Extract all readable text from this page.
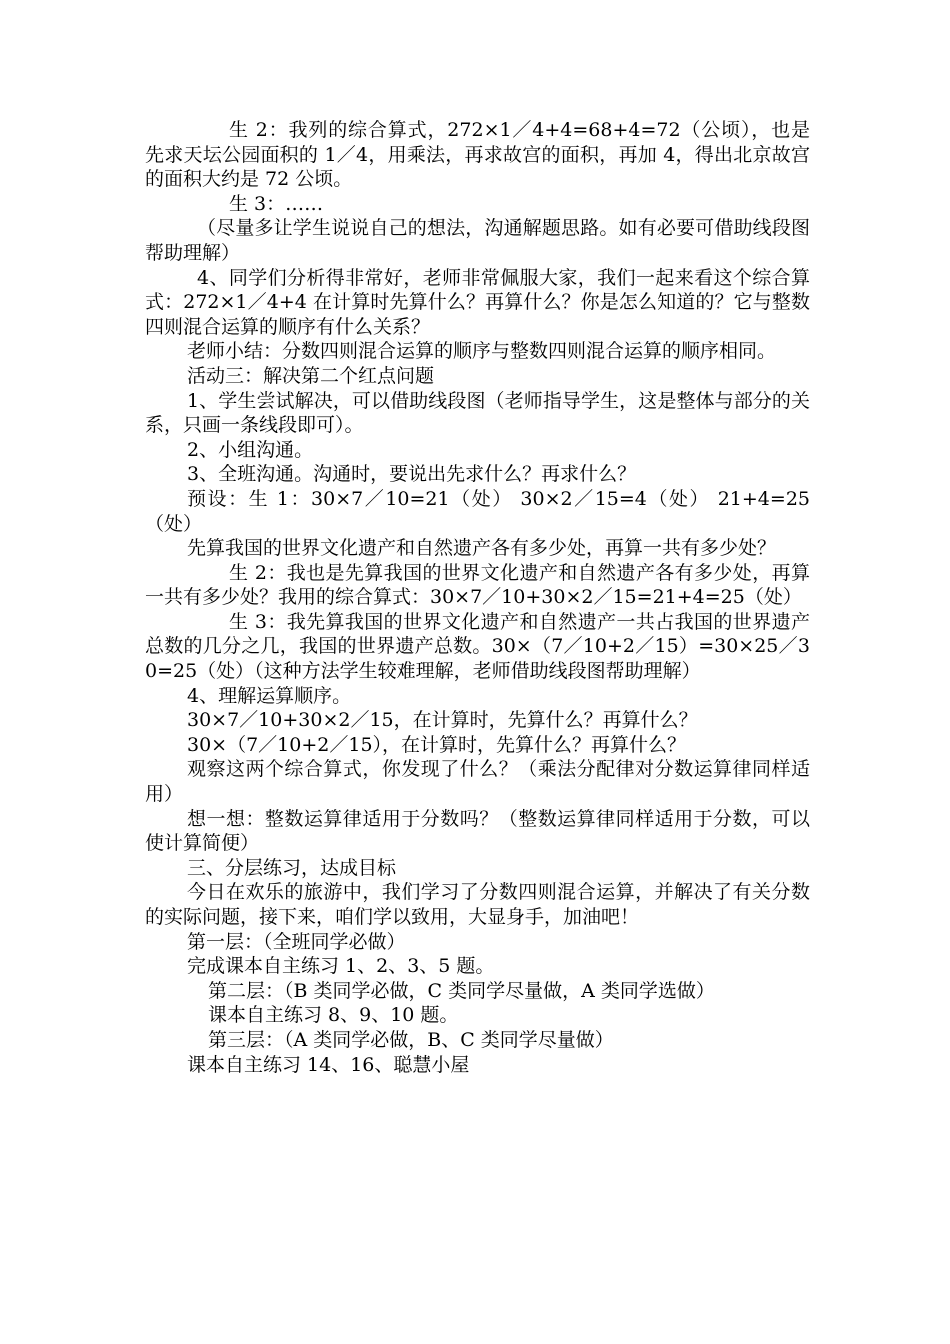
生 2：我列的综合算式，272×1／4+4=68+4=72（公顷），也是先求天坛公园面积的 1／4，用乘法，再求故宫的面积，再加 4，得出北京故宫的面积大约是 72 公顷。

生 3：……

（尽量多让学生说说自己的想法，沟通解题思路。如有必要可借助线段图帮助理解）

4、同学们分析得非常好，老师非常佩服大家，我们一起来看这个综合算式：272×1／4+4 在计算时先算什么？再算什么？你是怎么知道的？它与整数四则混合运算的顺序有什么关系？

老师小结：分数四则混合运算的顺序与整数四则混合运算的顺序相同。

活动三：解决第二个红点问题

1、学生尝试解决，可以借助线段图（老师指导学生，这是整体与部分的关系，只画一条线段即可）。

2、小组沟通。

3、全班沟通。沟通时，要说出先求什么？再求什么？

预设：生 1：30×7／10=21（处） 30×2／15=4（处） 21+4=25（处）

先算我国的世界文化遗产和自然遗产各有多少处，再算一共有多少处？

生 2：我也是先算我国的世界文化遗产和自然遗产各有多少处，再算一共有多少处？我用的综合算式：30×7／10+30×2／15=21+4=25（处）

生 3：我先算我国的世界文化遗产和自然遗产一共占我国的世界遗产总数的几分之几，我国的世界遗产总数。30×（7／10+2／15）=30×25／30=25（处）（这种方法学生较难理解，老师借助线段图帮助理解）

4、理解运算顺序。

30×7／10+30×2／15，在计算时，先算什么？再算什么？

30×（7／10+2／15），在计算时，先算什么？再算什么？

观察这两个综合算式，你发现了什么？（乘法分配律对分数运算律同样适用）

想一想：整数运算律适用于分数吗？（整数运算律同样适用于分数，可以使计算简便）

三、分层练习，达成目标

今日在欢乐的旅游中，我们学习了分数四则混合运算，并解决了有关分数的实际问题，接下来，咱们学以致用，大显身手，加油吧！

第一层：（全班同学必做）

完成课本自主练习 1、2、3、5 题。

第二层：（B 类同学必做，C 类同学尽量做，A 类同学选做）

课本自主练习 8、9、10 题。

第三层：（A 类同学必做，B、C 类同学尽量做）

课本自主练习 14、16、聪慧小屋
